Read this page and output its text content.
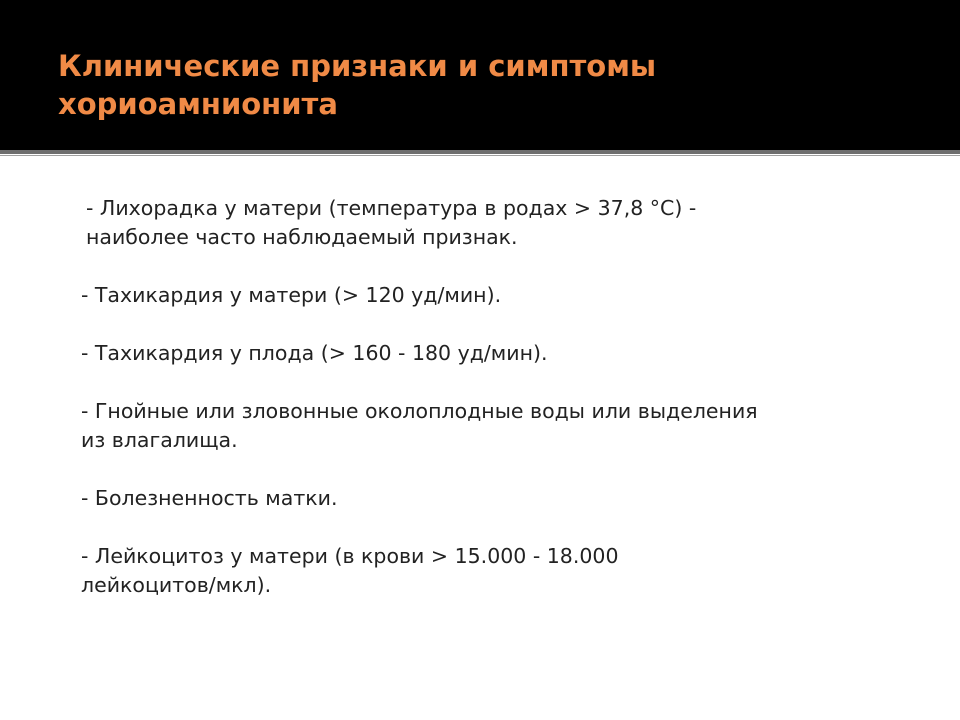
Клинические признаки и симптомы
хориоамнионита
- Лихорадка у матери (температура в родах > 37,8 °С) -
наиболее часто наблюдаемый признак.
- Тахикардия у матери (> 120 уд/мин).
- Тахикардия у плода (> 160 - 180 уд/мин).
- Гнойные или зловонные околоплодные воды или выделения
из влагалища.
- Болезненность матки.
- Лейкоцитоз у матери (в крови > 15.000 - 18.000
лейкоцитов/мкл).
